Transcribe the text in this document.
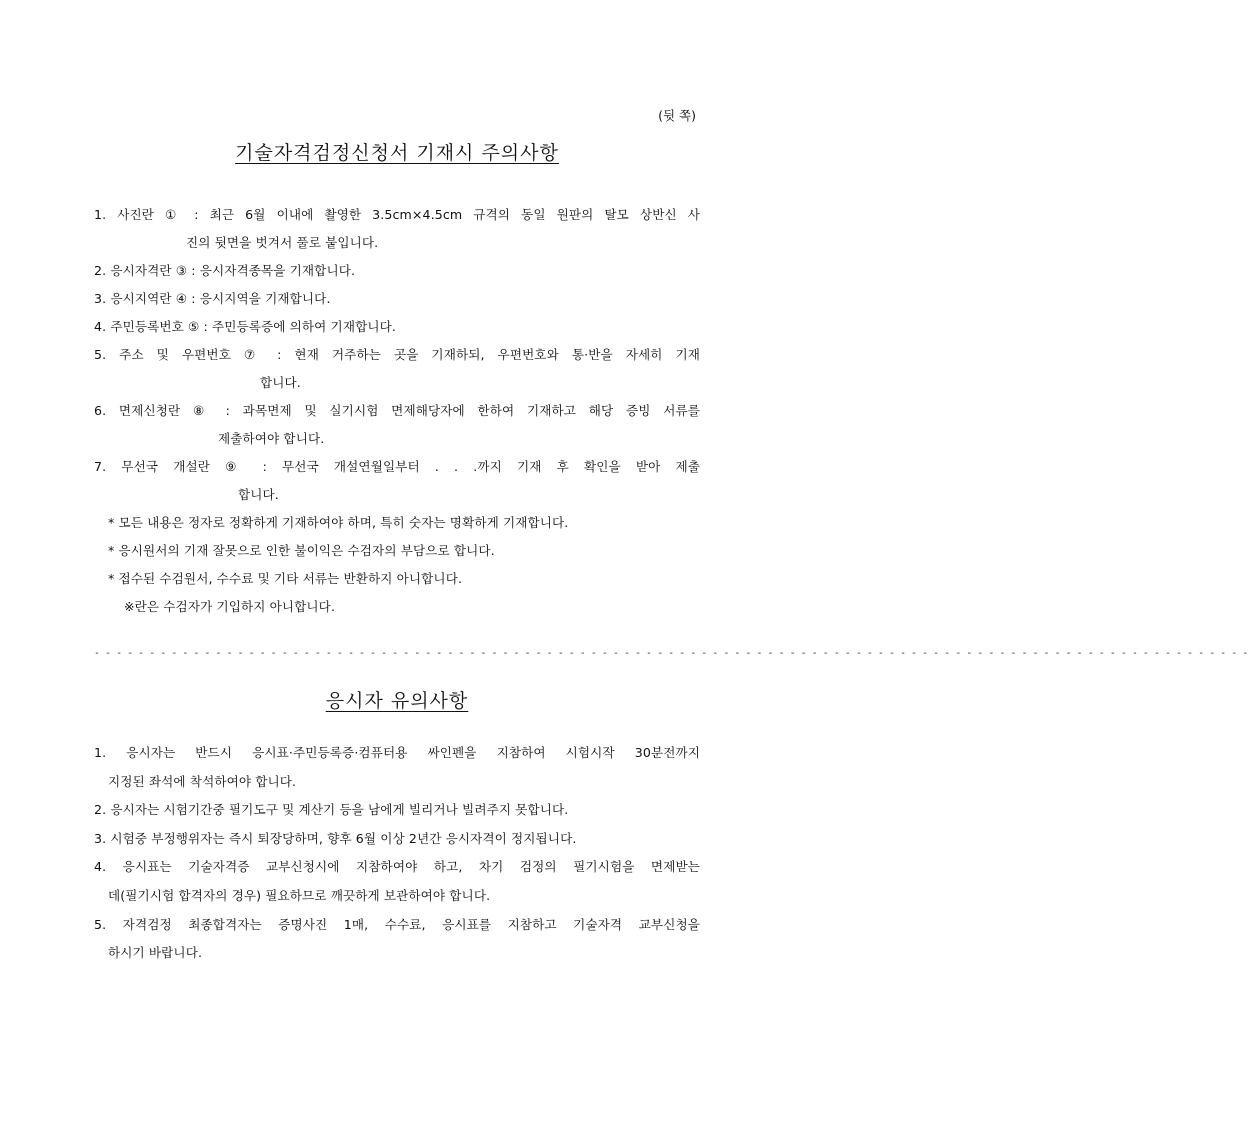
(뒷 쪽)
기술자격검정신청서 기재시 주의사항
1. 사진란 ① : 최근 6월 이내에 촬영한 3.5cm×4.5cm 규격의 동일 원판의 탈모 상반신 사
진의 뒷면을 벗겨서 풀로 붙입니다.
2. 응시자격란 ③ : 응시자격종목을 기재합니다.
3. 응시지역란 ④ : 응시지역을 기재합니다.
4. 주민등록번호 ⑤ : 주민등록증에 의하여 기재합니다.
5. 주소 및 우편번호 ⑦ : 현재 거주하는 곳을 기재하되, 우편번호와 통·반을 자세히 기재
합니다.
6. 면제신청란 ⑧ : 과목면제 및 실기시험 면제해당자에 한하여 기재하고 해당 증빙 서류를
제출하여야 합니다.
7. 무선국 개설란 ⑨ : 무선국 개설연월일부터 . . .까지 기재 후 확인을 받아 제출
합니다.
* 모든 내용은 정자로 정확하게 기재하여야 하며, 특히 숫자는 명확하게 기재합니다.
* 응시원서의 기재 잘못으로 인한 불이익은 수검자의 부담으로 합니다.
* 접수된 수검원서, 수수료 및 기타 서류는 반환하지 아니합니다.
※란은 수검자가 기입하지 아니합니다.
- - - - - - - - - - - - - - - - - - - - - - - - - - - - - - - - - - - - - - - - - - - - - - - - - - - - - - - - - - - - - - - - - - - - - - - - - - - - - - - - - - - - - - - - - - - - - - - - - - - - - - - - -
응시자 유의사항
1. 응시자는 반드시 응시표·주민등록증·컴퓨터용 싸인펜을 지참하여 시험시작 30분전까지
지정된 좌석에 착석하여야 합니다.
2. 응시자는 시험기간중 필기도구 및 계산기 등을 남에게 빌리거나 빌려주지 못합니다.
3. 시험중 부정행위자는 즉시 퇴장당하며, 향후 6월 이상 2년간 응시자격이 정지됩니다.
4. 응시표는 기술자격증 교부신청시에 지참하여야 하고, 차기 검정의 필기시험을 면제받는
데(필기시험 합격자의 경우) 필요하므로 깨끗하게 보관하여야 합니다.
5. 자격검정 최종합격자는 증명사진 1매, 수수료, 응시표를 지참하고 기술자격 교부신청을
하시기 바랍니다.
